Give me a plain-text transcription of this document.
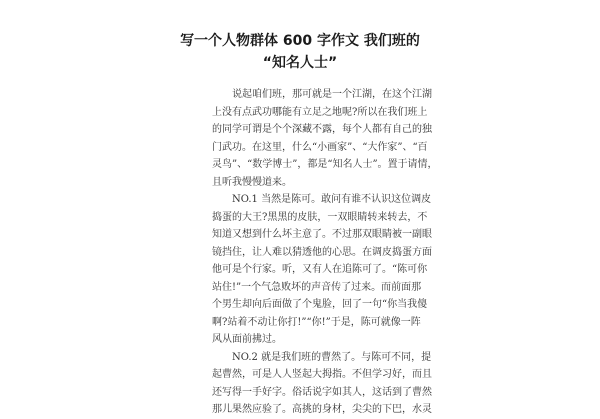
写一个人物群体 600 字作文 我们班的
“知名人士”
说起咱们班，那可就是一个江湖，在这个江湖
上没有点武功哪能有立足之地呢?所以在我们班上
的同学可谓是个个深藏不露，每个人都有自己的独
门武功。在这里，什么“小画家”、“大作家”、“百
灵鸟”、“数学博士”，都是“知名人士”。置于请情，
且听我慢慢道来。
NO.1 当然是陈可。敢问有谁不认识这位调皮
捣蛋的大王?黑黑的皮肤，一双眼睛转来转去，不
知道又想到什么坏主意了。不过那双眼睛被一副眼
镜挡住，让人难以猜透他的心思。在调皮捣蛋方面
他可是个行家。听，又有人在追陈可了。“陈可你
站住!”一个气急败坏的声音传了过来。而前面那
个男生却向后面做了个鬼脸，回了一句“你当我傻
啊?站着不动让你打!”“你!”于是，陈可就像一阵
风从面前拂过。
NO.2 就是我们班的曹然了。与陈可不同，提
起曹然，可是人人竖起大拇指。不但学习好，而且
还写得一手好字。俗话说字如其人，这话到了曹然
那儿果然应验了。高挑的身材，尖尖的下巴，水灵
